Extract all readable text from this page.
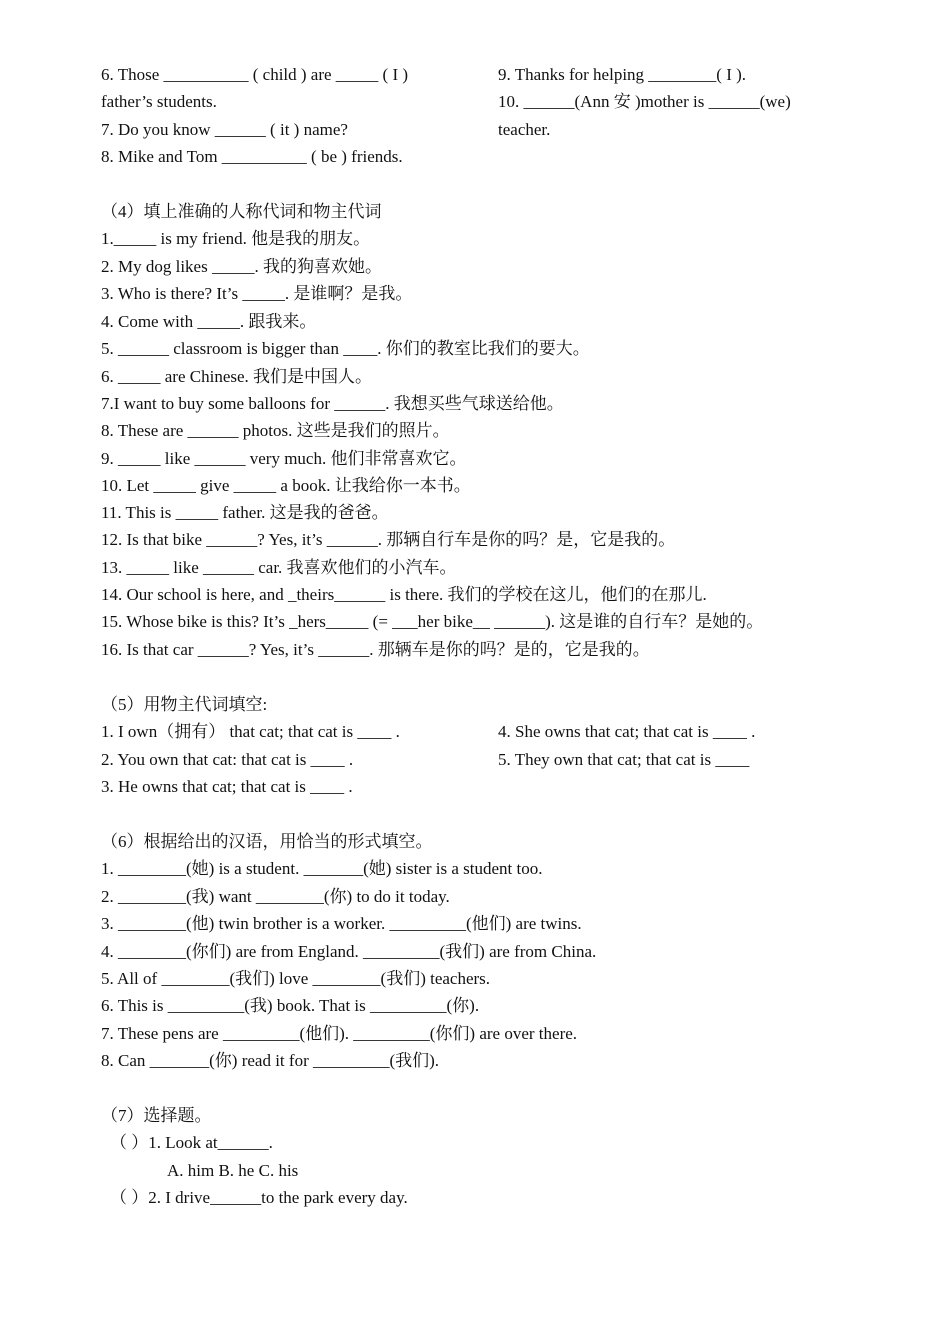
6. Those __________ ( child ) are _____ ( I )
father’s students.
7. Do you know ______ ( it ) name?
8. Mike and Tom __________ ( be ) friends.
9. Thanks for helping ________( I ).
10. ______(Ann 安 )mother is ______(we)
teacher.
（4）填上准确的人称代词和物主代词
1._____ is my friend. 他是我的朋友。
2. My dog likes _____. 我的狗喜欢她。
3. Who is there? It’s _____. 是谁啊？是我。
4. Come with _____. 跟我来。
5. ______ classroom is bigger than ____. 你们的教室比我们的要大。
6. _____ are Chinese. 我们是中国人。
7.I want to buy some balloons for ______. 我想买些气球送给他。
8. These are ______ photos. 这些是我们的照片。
9. _____ like ______ very much. 他们非常喜欢它。
10. Let _____ give _____ a book. 让我给你一本书。
11. This is _____ father. 这是我的爸爸。
12. Is that bike ______? Yes, it’s ______. 那辆自行车是你的吗？是，它是我的。
13. _____ like ______ car. 我喜欢他们的小汽车。
14. Our school is here, and _theirs______ is there. 我们的学校在这儿，他们的在那儿.
15. Whose bike is this? It’s _hers_____ (= ___her bike__ ______). 这是谁的自行车？是她的。
16. Is that car ______? Yes, it’s ______. 那辆车是你的吗？是的，它是我的。
（5）用物主代词填空:
1. I own（拥有） that cat; that cat is ____ .
2. You own that cat: that cat is ____ .
3. He owns that cat; that cat is ____ .
4. She owns that cat; that cat is ____ .
5. They own that cat; that cat is ____
（6）根据给出的汉语，用恰当的形式填空。
1. ________(她) is a student. _______(她) sister is a student too.
2. ________(我) want ________(你) to do it today.
3. ________(他) twin brother is a worker. _________(他们) are twins.
4. ________(你们) are from England. _________(我们) are from China.
5. All of ________(我们) love ________(我们) teachers.
6. This is _________(我) book. That is _________(你).
7. These pens are _________(他们). _________(你们) are over there.
8. Can _______(你) read it for _________(我们).
（7）选择题。
（ ）1. Look at______.
A. him B. he C. his
（ ）2. I drive______to the park every day.
